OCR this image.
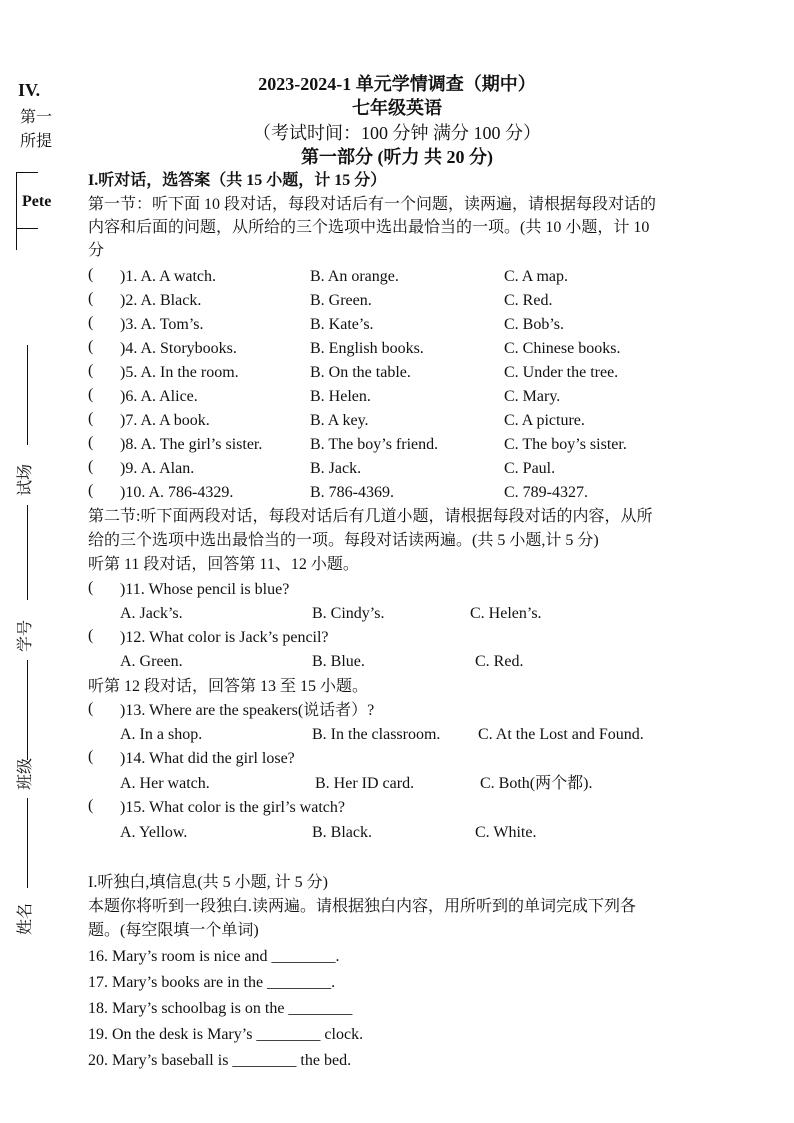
IV.
第一
所提
Pete
试场
学号
班级
姓名
2023-2024-1 单元学情调查（期中）
七年级英语
（考试时间：100 分钟 满分 100 分）
第一部分 (听力 共 20 分)
I.听对话，选答案（共 15 小题，计 15 分）
第一节：听下面 10 段对话，每段对话后有一个问题，读两遍，请根据每段对话的
内容和后面的问题，从所给的三个选项中选出最恰当的一项。(共 10 小题，计 10
分
( )1. A. A watch.	B. An orange.	C. A map.
( )2. A. Black.	B. Green.	C. Red.
( )3. A. Tom’s.	B. Kate’s.	C. Bob’s.
( )4. A. Storybooks.	B. English books.	C. Chinese books.
( )5. A. In the room.	B. On the table.	C. Under the tree.
( )6. A. Alice.	B. Helen.	C. Mary.
( )7. A. A book.	B. A key.	C. A picture.
( )8. A. The girl’s sister.	B. The boy’s friend.	C. The boy’s sister.
( )9. A. Alan.	B. Jack.	C. Paul.
( )10. A. 786-4329.	B. 786-4369.	C. 789-4327.
第二节:听下面两段对话，每段对话后有几道小题，请根据每段对话的内容，从所
给的三个选项中选出最恰当的一项。每段对话读两遍。(共 5 小题,计 5 分)
听第 11 段对话，回答第 11、12 小题。
( )11. Whose pencil is blue?
A. Jack’s.	B. Cindy’s.	C. Helen’s.
( )12. What color is Jack’s pencil?
A. Green.	B. Blue.	C. Red.
听第 12 段对话，回答第 13 至 15 小题。
( )13. Where are the speakers(说话者）?
A. In a shop.	B. In the classroom. C. At the Lost and Found.
( )14. What did the girl lose?
A. Her watch.	B. Her ID card.	C. Both(两个都).
( )15. What color is the girl’s watch?
A. Yellow.	B. Black.	C. White.
I.听独白,填信息(共 5 小题, 计 5 分)
本题你将听到一段独白.读两遍。请根据独白内容，用所听到的单词完成下列各
题。(每空限填一个单词)
16. Mary’s room is nice and ________.
17. Mary’s books are in the ________.
18. Mary’s schoolbag is on the ________
19. On the desk is Mary’s ________ clock.
20. Mary’s baseball is ________ the bed.
